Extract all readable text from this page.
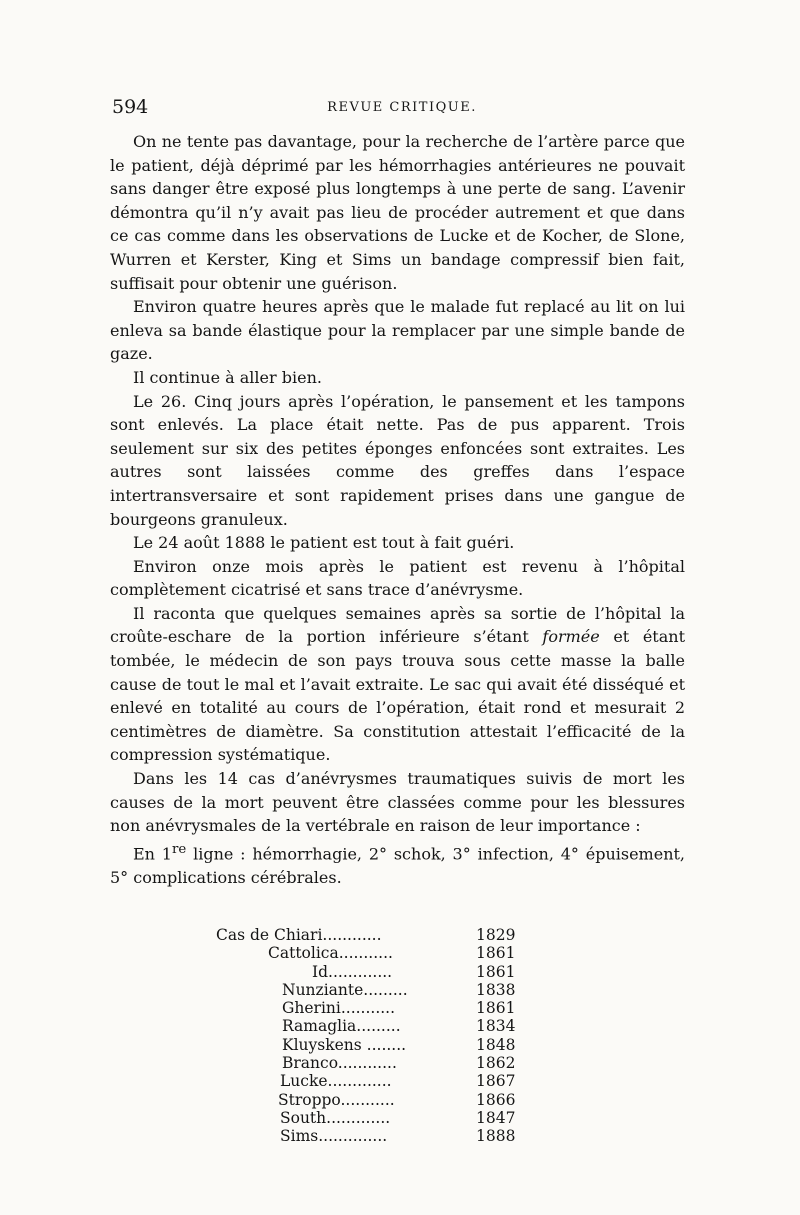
594	REVUE CRITIQUE.

On ne tente pas davantage, pour la recherche de l’artère parce que le patient, déjà déprimé par les hémorrhagies antérieures ne pouvait sans danger être exposé plus longtemps à une perte de sang. L’avenir démontra qu’il n’y avait pas lieu de procéder autrement et que dans ce cas comme dans les observations de Lucke et de Kocher, de Slone, Wurren et Kerster, King et Sims un bandage compressif bien fait, suffisait pour obtenir une guérison.

Environ quatre heures après que le malade fut replacé au lit on lui enleva sa bande élastique pour la remplacer par une simple bande de gaze.

Il continue à aller bien.

Le 26. Cinq jours après l’opération, le pansement et les tampons sont enlevés. La place était nette. Pas de pus apparent. Trois seulement sur six des petites éponges enfoncées sont extraites. Les autres sont laissées comme des greffes dans l’espace intertransversaire et sont rapidement prises dans une gangue de bourgeons granuleux.

Le 24 août 1888 le patient est tout à fait guéri.

Environ onze mois après le patient est revenu à l’hôpital complètement cicatrisé et sans trace d’anévrysme.

Il raconta que quelques semaines après sa sortie de l’hôpital la croûte-eschare de la portion inférieure s’étant formée et étant tombée, le médecin de son pays trouva sous cette masse la balle cause de tout le mal et l’avait extraite. Le sac qui avait été disséqué et enlevé en totalité au cours de l’opération, était rond et mesurait 2 centimètres de diamètre. Sa constitution attestait l’efficacité de la compression systématique.

Dans les 14 cas d’anévrysmes traumatiques suivis de mort les causes de la mort peuvent être classées comme pour les blessures non anévrysmales de la vertébrale en raison de leur importance :

En 1re ligne : hémorrhagie, 2° schok, 3° infection, 4° épuisement, 5° complications cérébrales.

Cas de Chiari............	1829
Cattolica...........	1861
Id.............	1861
Nunziante.........	1838
Gherini...........	1861
Ramaglia.........	1834
Kluyskens ........	1848
Branco............	1862
Lucke.............	1867
Stroppo...........	1866
South.............	1847
Sims..............	1888
